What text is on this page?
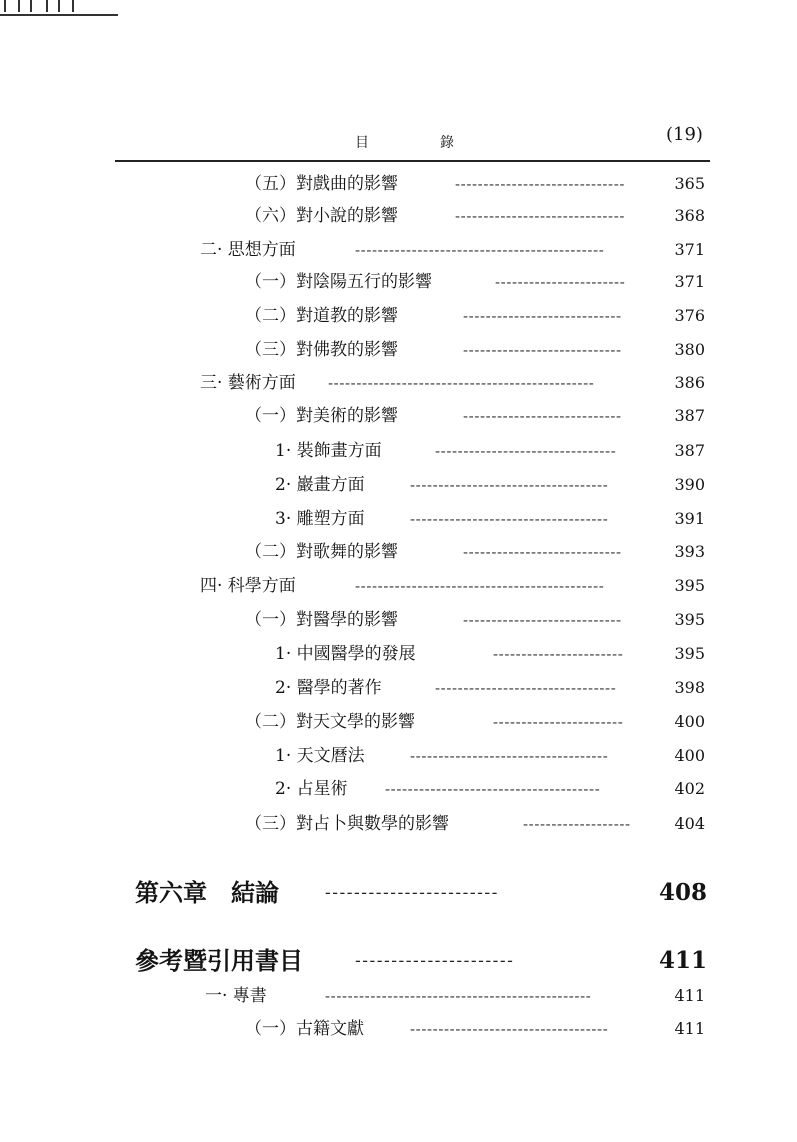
目	錄	(19)
（五）對戲曲的影響	------------------------------	365
（六）對小說的影響	------------------------------	368
二· 思想方面	--------------------------------------------	371
（一）對陰陽五行的影響	-----------------------	371
（二）對道教的影響	----------------------------	376
（三）對佛教的影響	----------------------------	380
三· 藝術方面 -----------------------------------------------	386
（一）對美術的影響	----------------------------	387
1· 裝飾畫方面	--------------------------------	387
2· 巖畫方面	-----------------------------------	390
3· 雕塑方面	-----------------------------------	391
（二）對歌舞的影響	----------------------------	393
四· 科學方面	--------------------------------------------	395
（一）對醫學的影響	----------------------------	395
1· 中國醫學的發展	-----------------------	395
2· 醫學的著作	--------------------------------	398
（二）對天文學的影響	-----------------------	400
1· 天文曆法	-----------------------------------	400
2· 占星術 --------------------------------------	402
（三）對占卜與數學的影響	-------------------	404
第六章　結論	------------------------	408
參考暨引用書目	----------------------	411
一· 專書	-----------------------------------------------	411
（一）古籍文獻	-----------------------------------	411
